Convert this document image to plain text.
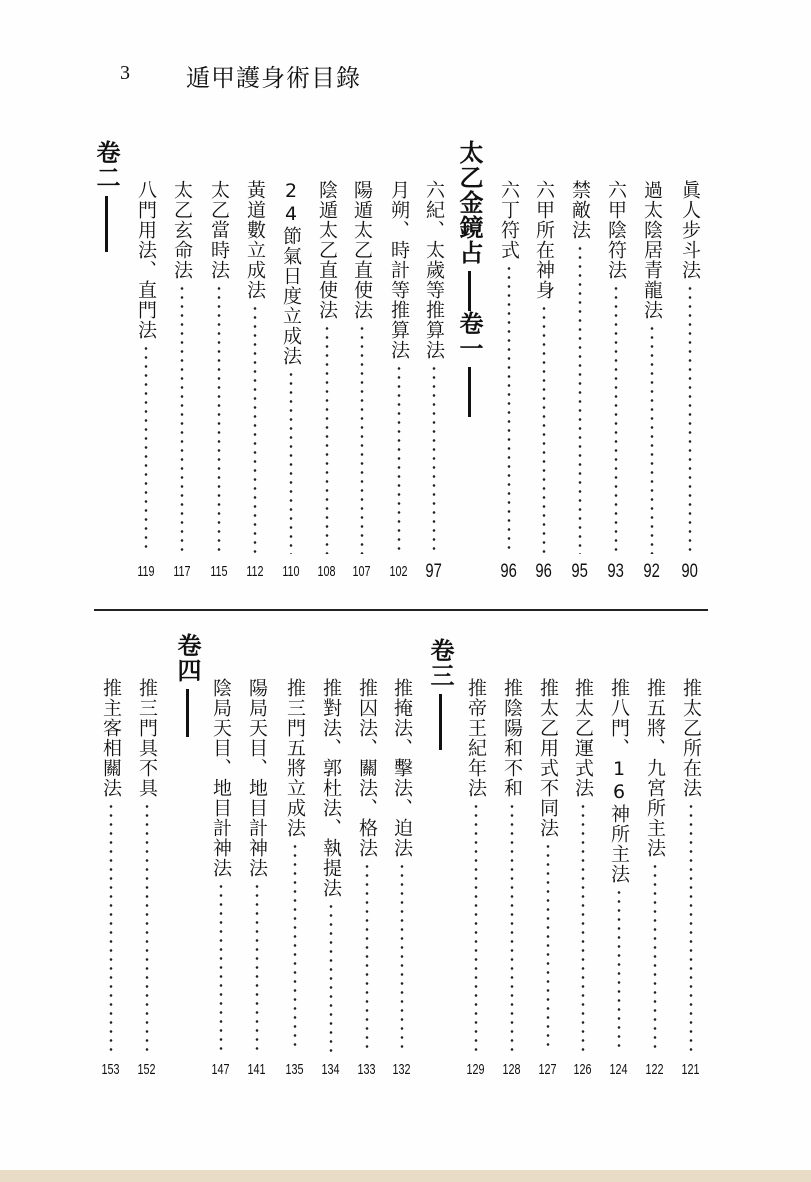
3 遁甲護身術目錄
眞人步斗法
90
過太陰居青龍法
92
六甲陰符法
93
禁敵法
95
六甲所在神身
96
六丁符式
96
太乙金鏡占
卷一
六紀、太歲等推算法
97
月朔、時計等推算法
102
陽遁太乙直使法
107
陰遁太乙直使法
108
24節氣日度立成法
110
黃道數立成法
112
太乙當時法
115
太乙玄命法
117
八門用法、直門法
119
卷二
推太乙所在法
121
推五將、九宮所主法
122
推八門、16神所主法
124
推太乙運式法
126
推太乙用式不同法
127
推陰陽和不和
128
推帝王紀年法
129
卷三
推掩法、擊法、迫法
132
推囚法、關法、格法
133
推對法、郭杜法、執提法
134
推三門五將立成法
135
陽局天目、地目計神法
141
陰局天目、地目計神法
147
卷四
推三門具不具
152
推主客相關法
153
